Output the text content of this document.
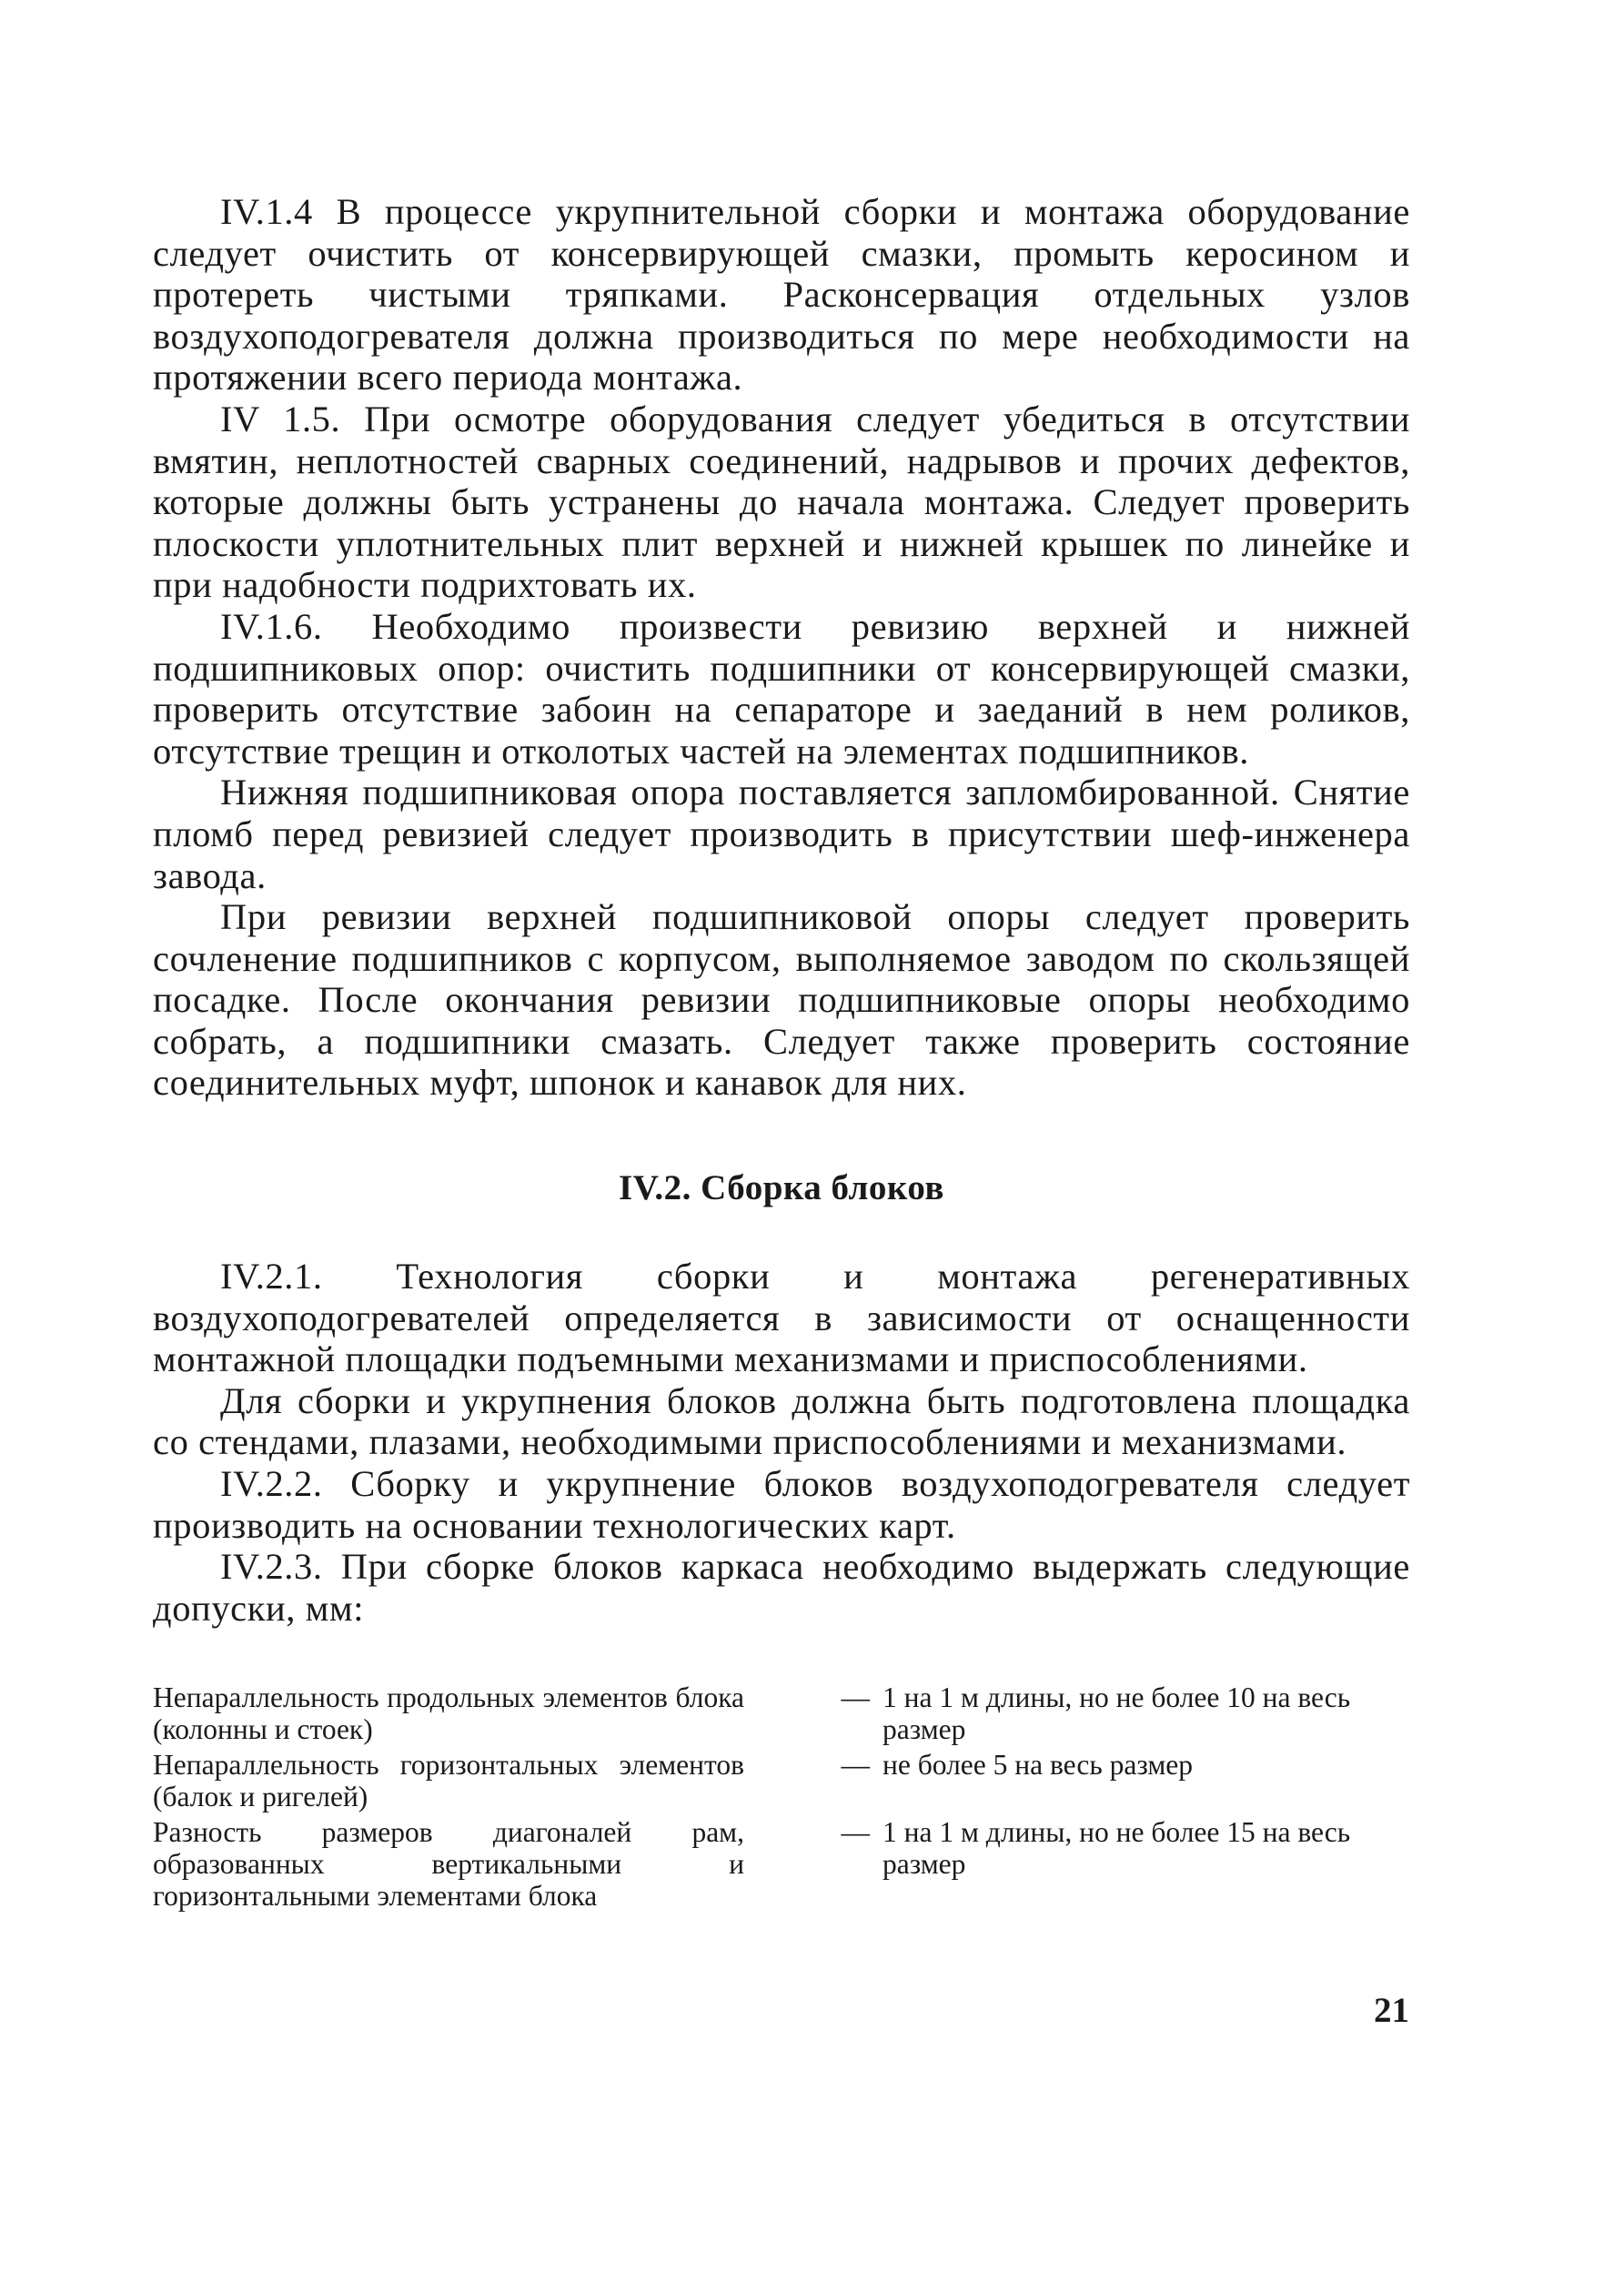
IV.1.4 В процессе укрупнительной сборки и монтажа оборудование следует очистить от консервирующей смазки, промыть керосином и протереть чистыми тряпками. Расконсервация отдельных узлов воздухоподогревателя должна производиться по мере необходимости на протяжении всего периода монтажа.

IV 1.5. При осмотре оборудования следует убедиться в отсутствии вмятин, неплотностей сварных соединений, надрывов и прочих дефектов, которые должны быть устранены до начала монтажа. Следует проверить плоскости уплотнительных плит верхней и нижней крышек по линейке и при надобности подрихтовать их.

IV.1.6. Необходимо произвести ревизию верхней и нижней подшипниковых опор: очистить подшипники от консервирующей смазки, проверить отсутствие забоин на сепараторе и заеданий в нем роликов, отсутствие трещин и отколотых частей на элементах подшипников.

Нижняя подшипниковая опора поставляется запломбированной. Снятие пломб перед ревизией следует производить в присутствии шеф-инженера завода.

При ревизии верхней подшипниковой опоры следует проверить сочленение подшипников с корпусом, выполняемое заводом по скользящей посадке. После окончания ревизии подшипниковые опоры необходимо собрать, а подшипники смазать. Следует также проверить состояние соединительных муфт, шпонок и канавок для них.

IV.2. Сборка блоков

IV.2.1. Технология сборки и монтажа регенеративных воздухоподогревателей определяется в зависимости от оснащенности монтажной площадки подъемными механизмами и приспособлениями.

Для сборки и укрупнения блоков должна быть подготовлена площадка со стендами, плазами, необходимыми приспособлениями и механизмами.

IV.2.2. Сборку и укрупнение блоков воздухоподогревателя следует производить на основании технологических карт.

IV.2.3. При сборке блоков каркаса необходимо выдержать следующие допуски, мм:

Непараллельность продольных элементов блока (колонны и стоек)	—	1 на 1 м длины, но не более 10 на весь размер
Непараллельность горизонтальных элементов (балок и ригелей)	—	не более 5 на весь размер
Разность размеров диагоналей рам, образованных вертикальными и горизонтальными элементами блока	—	1 на 1 м длины, но не более 15 на весь размер
21
